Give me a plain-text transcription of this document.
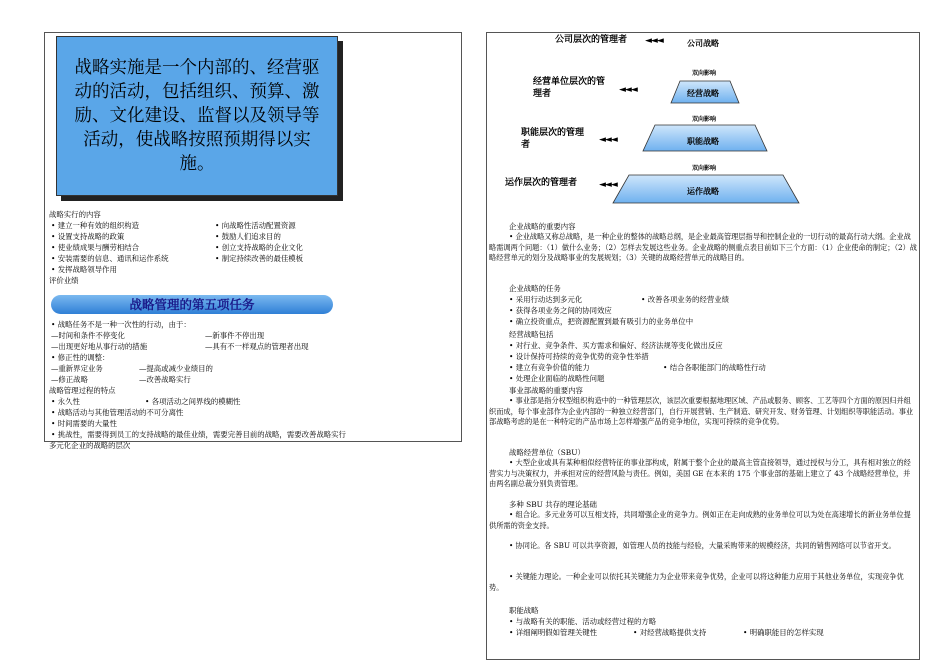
战略实施是一个内部的、经营驱动的活动，包括组织、预算、激励、文化建设、监督以及领导等活动，使战略按照预期得以实施。
战略实行的内容
• 建立一种有效的组织构造
• 设置支持战略的政策
• 使业绩成果与酬劳相结合
• 安装需要的信息、通讯和运作系统
• 发挥战略领导作用
• 向战略性活动配置资源
• 鼓励人们追求目的
• 创立支持战略的企业文化
• 制定持续改善的最佳模板
评价业绩
战略管理的第五项任务
• 战略任务不是一种一次性的行动，由于：
—时间和条件不停变化	—新事件不停出现
—出现更好地从事行动的措施	—具有不一样观点的管理者出现
• 修正性的调整：
—重新界定业务	—提高或减少业绩目的
—修正战略	—改善战略实行
战略管理过程的特点
• 永久性	• 各项活动之间界线的模糊性
• 战略活动与其他管理活动的不可分离性
• 时间需要的大量性
• 挑战性，需要得到员工的支持战略的最佳业绩，需要完善目前的战略，需要改善战略实行
多元化企业的战略的层次
公司层次的管理者 ◄◄◄	公司战略
双向影响
经营单位层次的管理者	◄◄◄	经营战略
双向影响
职能层次的管理者	◄◄◄	职能战略
双向影响
运作层次的管理者 ◄◄◄
运作战略
企业战略的重要内容
• 企业战略又称总战略，是一种企业的整体的战略总纲，是企业最高管理层指导和控制企业的一切行动的最高行动大纲。企业战略需调两个问题：（1）做什么业务；（2）怎样去发展这些业务。企业战略的侧重点表目前如下三个方面：（1）企业使命的制定；（2）战略经营单元的划分及战略事业的发展规划；（3）关键的战略经营单元的战略目的。
企业战略的任务
• 采用行动达到多元化	• 改善各项业务的经营业绩
• 获得各项业务之间的协同效应
• 确立投资重点，把资源配置到最有吸引力的业务单位中
经营战略包括
• 对行业、竞争条件、买方需求和偏好、经济法规等变化做出反应
• 设计保持可持续的竞争优势的竞争性举措
• 建立有竞争价值的能力	• 结合各职能部门的战略性行动
• 处理企业面临的战略性问题
事业部战略的重要内容
• 事业部是指分权型组织构造中的一种管理层次，该层次重要根据地理区域、产品或服务、顾客、工艺等四个方面的原因归并组织而成，每个事业部作为企业内部的一种独立经营部门，自行开展营销、生产制造、研究开发、财务管理、计划组织等职能活动。事业部战略考虑的是在一种特定的产品市场上怎样增强产品的竞争地位，实现可持续的竞争优势。
战略经营单位（SBU）
• 大型企业或具有某种相似经营特征的事业部构成，附属于整个企业的最高主管直接领导，通过授权与分工，具有相对独立的经营实力与决策权力，并承担对应的经营风险与责任。例如，美国 GE 在本来的 175 个事业部的基础上建立了 43 个战略经营单位，并由两名副总裁分别负责管理。
多种 SBU 共存的理论基础
• 组合论。多元业务可以互相支持，共同增强企业的竞争力。例如正在走向成熟的业务单位可以为处在高速增长的新业务单位提供所需的资金支持。
• 协同论。各 SBU 可以共享资源，如管理人员的技能与经验，大量采购带来的规模经济，共同的销售网络可以节省开支。
• 关键能力理论。一种企业可以依托其关键能力为企业带来竞争优势，企业可以将这种能力应用于其他业务单位，实现竞争优势。
职能战略
• 与战略有关的职能、活动或经营过程的方略
• 详细阐明假如管理关键性	• 对经营战略提供支持	• 明确职能目的怎样实现
